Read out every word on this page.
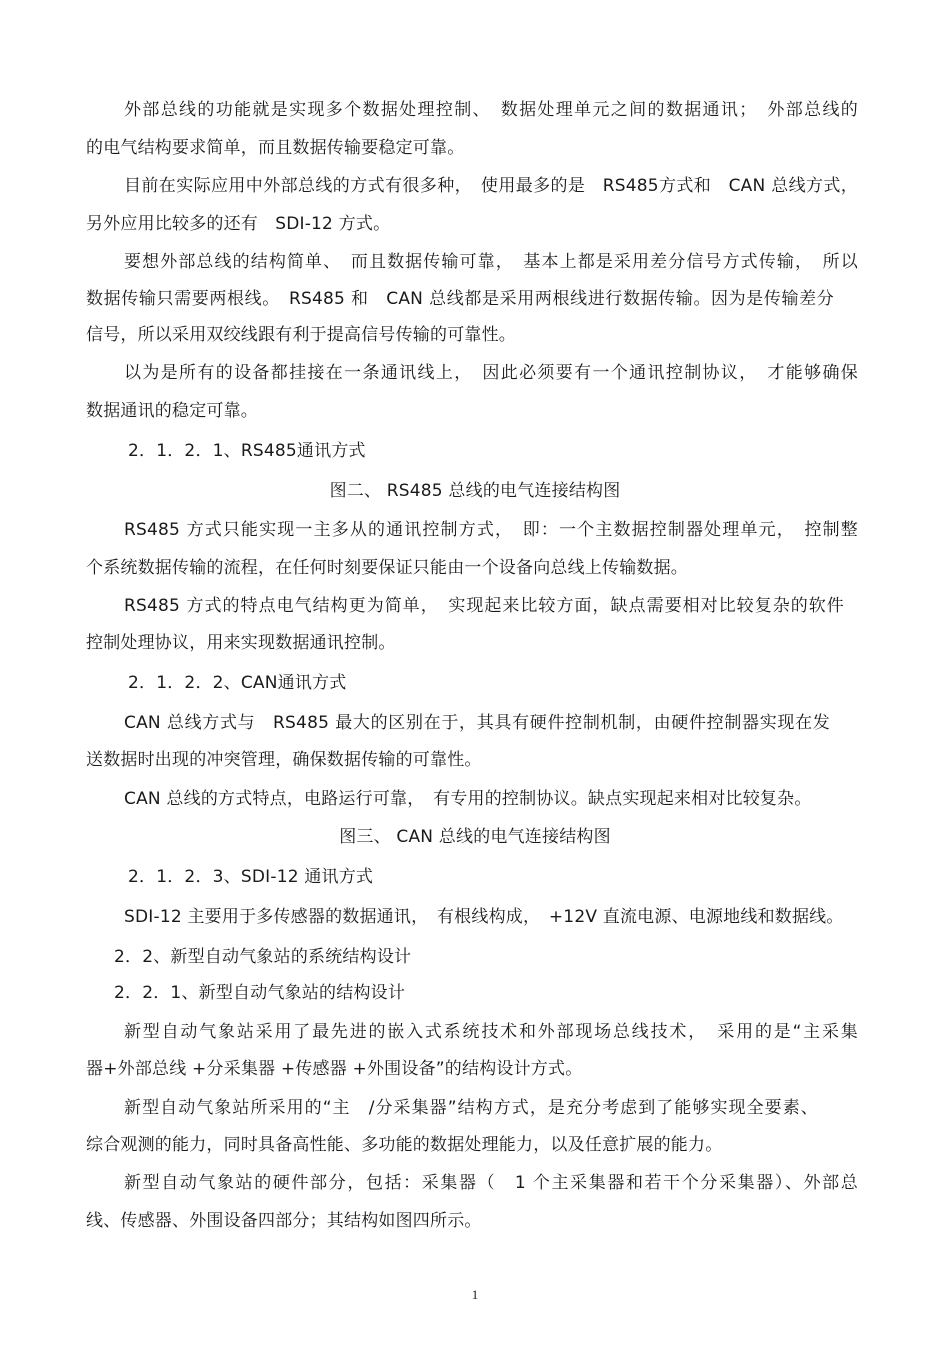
外部总线的功能就是实现多个数据处理控制、　数据处理单元之间的数据通讯；　外部总线的
的电气结构要求简单，而且数据传输要稳定可靠。
目前在实际应用中外部总线的方式有很多种，　使用最多的是　RS485方式和　CAN 总线方式，
另外应用比较多的还有　SDI-12 方式。
要想外部总线的结构简单、　而且数据传输可靠，　基本上都是采用差分信号方式传输，　所以
数据传输只需要两根线。　RS485 和　CAN 总线都是采用两根线进行数据传输。因为是传输差分
信号，所以采用双绞线跟有利于提高信号传输的可靠性。
以为是所有的设备都挂接在一条通讯线上，　因此必须要有一个通讯控制协议，　才能够确保
数据通讯的稳定可靠。
2．1．2．1、RS485通讯方式
图二、 RS485 总线的电气连接结构图
RS485 方式只能实现一主多从的通讯控制方式，　即：一个主数据控制器处理单元，　控制整
个系统数据传输的流程，在任何时刻要保证只能由一个设备向总线上传输数据。
RS485 方式的特点电气结构更为简单，　实现起来比较方面，缺点需要相对比较复杂的软件
控制处理协议，用来实现数据通讯控制。
2．1．2．2、CAN通讯方式
CAN 总线方式与　RS485 最大的区别在于，其具有硬件控制机制，由硬件控制器实现在发
送数据时出现的冲突管理，确保数据传输的可靠性。
CAN 总线的方式特点，电路运行可靠，　有专用的控制协议。缺点实现起来相对比较复杂。
图三、 CAN 总线的电气连接结构图
2．1．2．3、SDI-12 通讯方式
SDI-12 主要用于多传感器的数据通讯，　有根线构成，　+12V 直流电源、电源地线和数据线。
2．2、新型自动气象站的系统结构设计
2．2．1、新型自动气象站的结构设计
新型自动气象站采用了最先进的嵌入式系统技术和外部现场总线技术，　采用的是“主采集
器+外部总线 +分采集器 +传感器 +外围设备”的结构设计方式。
新型自动气象站所采用的“主　/分采集器”结构方式，是充分考虑到了能够实现全要素、
综合观测的能力，同时具备高性能、多功能的数据处理能力，以及任意扩展的能力。
新型自动气象站的硬件部分，包括：采集器（　1 个主采集器和若干个分采集器）、外部总
线、传感器、外围设备四部分；其结构如图四所示。
1
